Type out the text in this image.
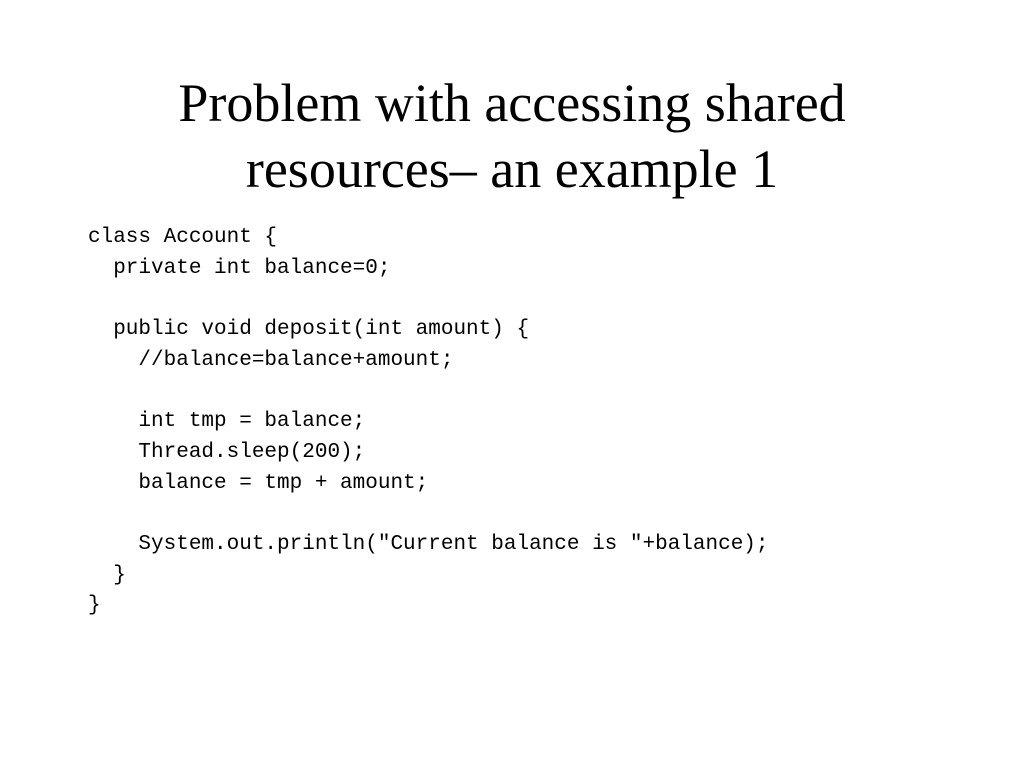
Problem with accessing shared
resources– an example 1
class Account {
private int balance=0;
public void deposit(int amount) {
//balance=balance+amount;
int tmp = balance;
Thread.sleep(200);
balance = tmp + amount;
System.out.println("Current balance is "+balance);
}
}
